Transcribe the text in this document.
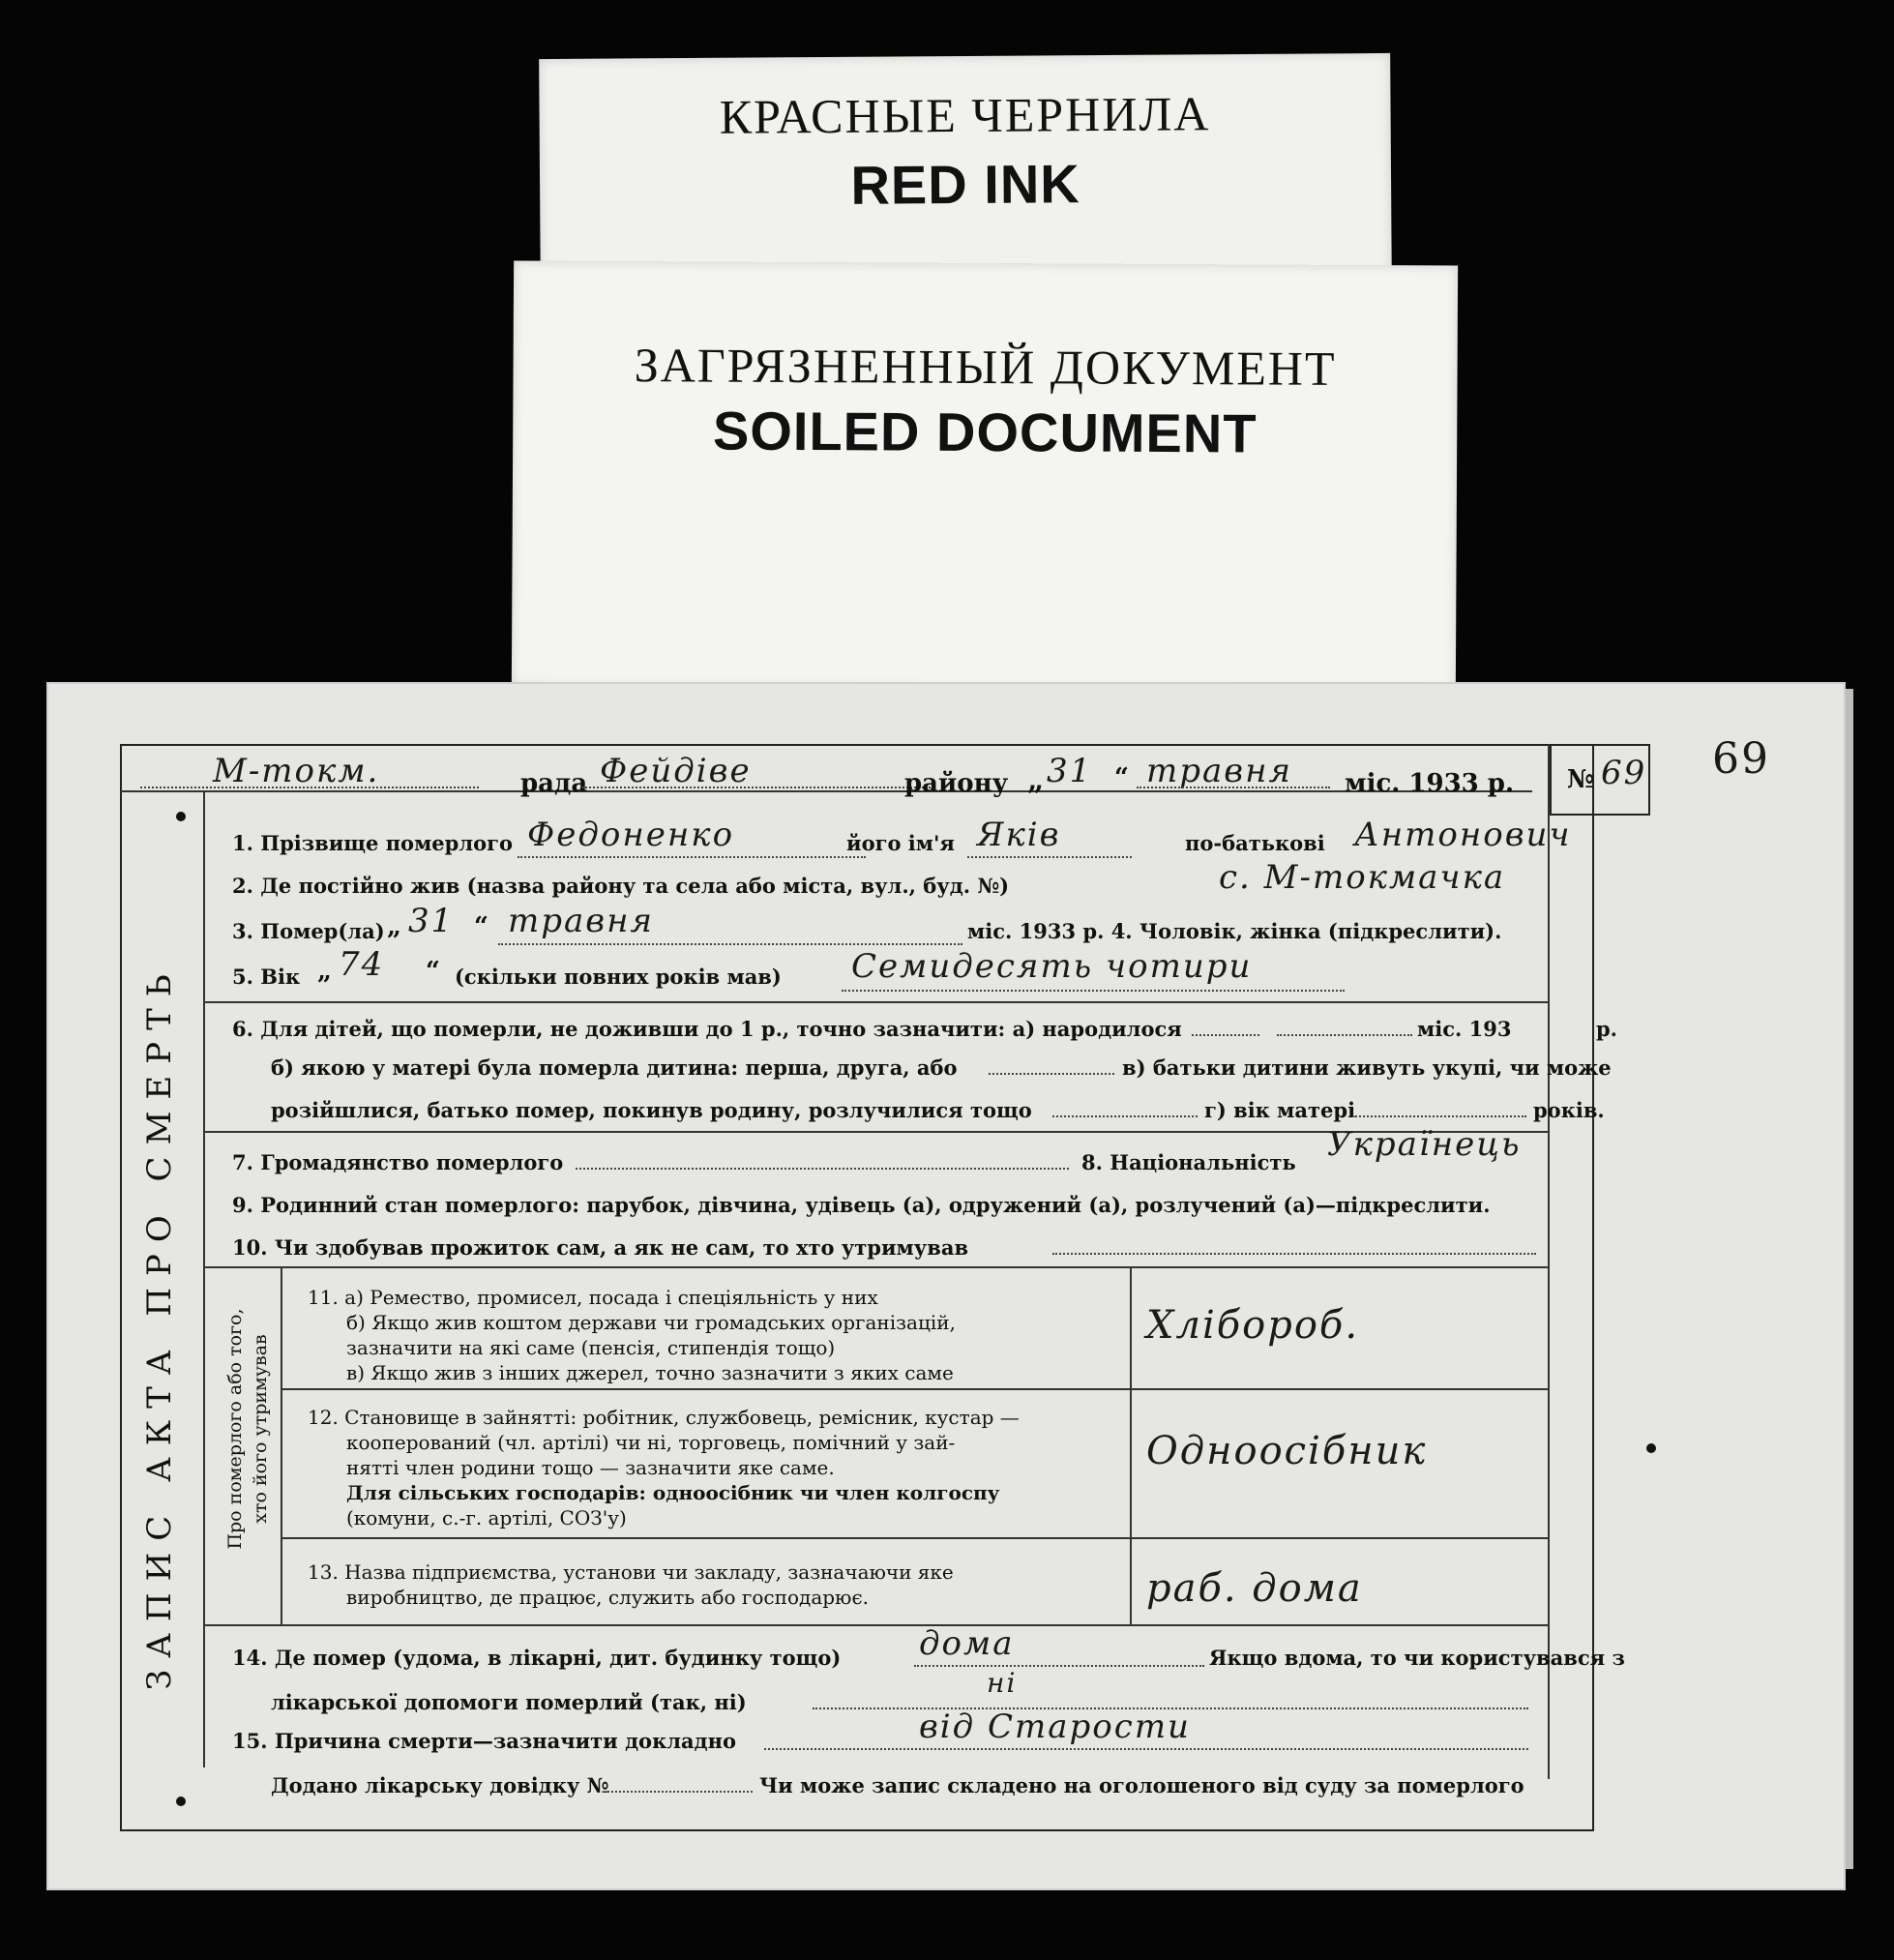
КРАСНЫЕ ЧЕРНИЛА
RED INK
ЗАГРЯЗНЕННЫЙ ДОКУМЕНТ
SOILED DOCUMENT
№ 69 69
М-токм.	рада Фейдіве	району „ 31 “ травня міс. 1933 р.
ЗАПИС АКТА ПРО СМЕРТЬ
1. Прізвище померлого Федоненко	його ім'я Яків	по-батькові Антонович
2. Де постійно жив (назва району та села або міста, вул., буд. №)	с. М-токмачка
3. Помер(ла) „ 31 “ травня	міс. 1933 р. 4. Чоловік, жінка (підкреслити).
5. Вік „ 74 “ (скільки повних років мав) Семидесять чотири
6. Для дітей, що померли, не доживши до 1 р., точно зазначити: а) народилося	міс. 193	р.
б) якою у матері була померла дитина: перша, друга, або	в) батьки дитини живуть укупі, чи може
розійшлися, батько помер, покинув родину, розлучилися тощо	г) вік матері	років.
7. Громадянство померлого	8. Національність Українець
9. Родинний стан померлого: парубок, дівчина, удівець (а), одружений (а), розлучений (а)—підкреслити.
10. Чи здобував прожиток сам, а як не сам, то хто утримував
Про померлого або того, хто його утримував
11. а) Ремество, промисел, посада і спеціяльність у них
б) Якщо жив коштом держави чи громадських організацій,
зазначити на які саме (пенсія, стипендія тощо)
в) Якщо жив з інших джерел, точно зазначити з яких саме
Хлібороб.
12. Становище в зайнятті: робітник, службовець, ремісник, кустар —
кооперований (чл. артілі) чи ні, торговець, помічний у зай-
нятті член родини тощо — зазначити яке саме.
Для сільських господарів: одноосібник чи член колгоспу
(комуни, с.-г. артілі, СОЗ'у)
Одноосібник
13. Назва підприємства, установи чи закладу, зазначаючи яке
виробництво, де працює, служить або господарює.	раб. дома
14. Де помер (удома, в лікарні, дит. будинку тощо) дома	Якщо вдома, то чи користувався з
лікарської допомоги померлий (так, ні)
ні
15. Причина смерти—зазначити докладно	від Старости
Додано лікарську довідку №	Чи може запис складено на оголошеного від суду за померлого
